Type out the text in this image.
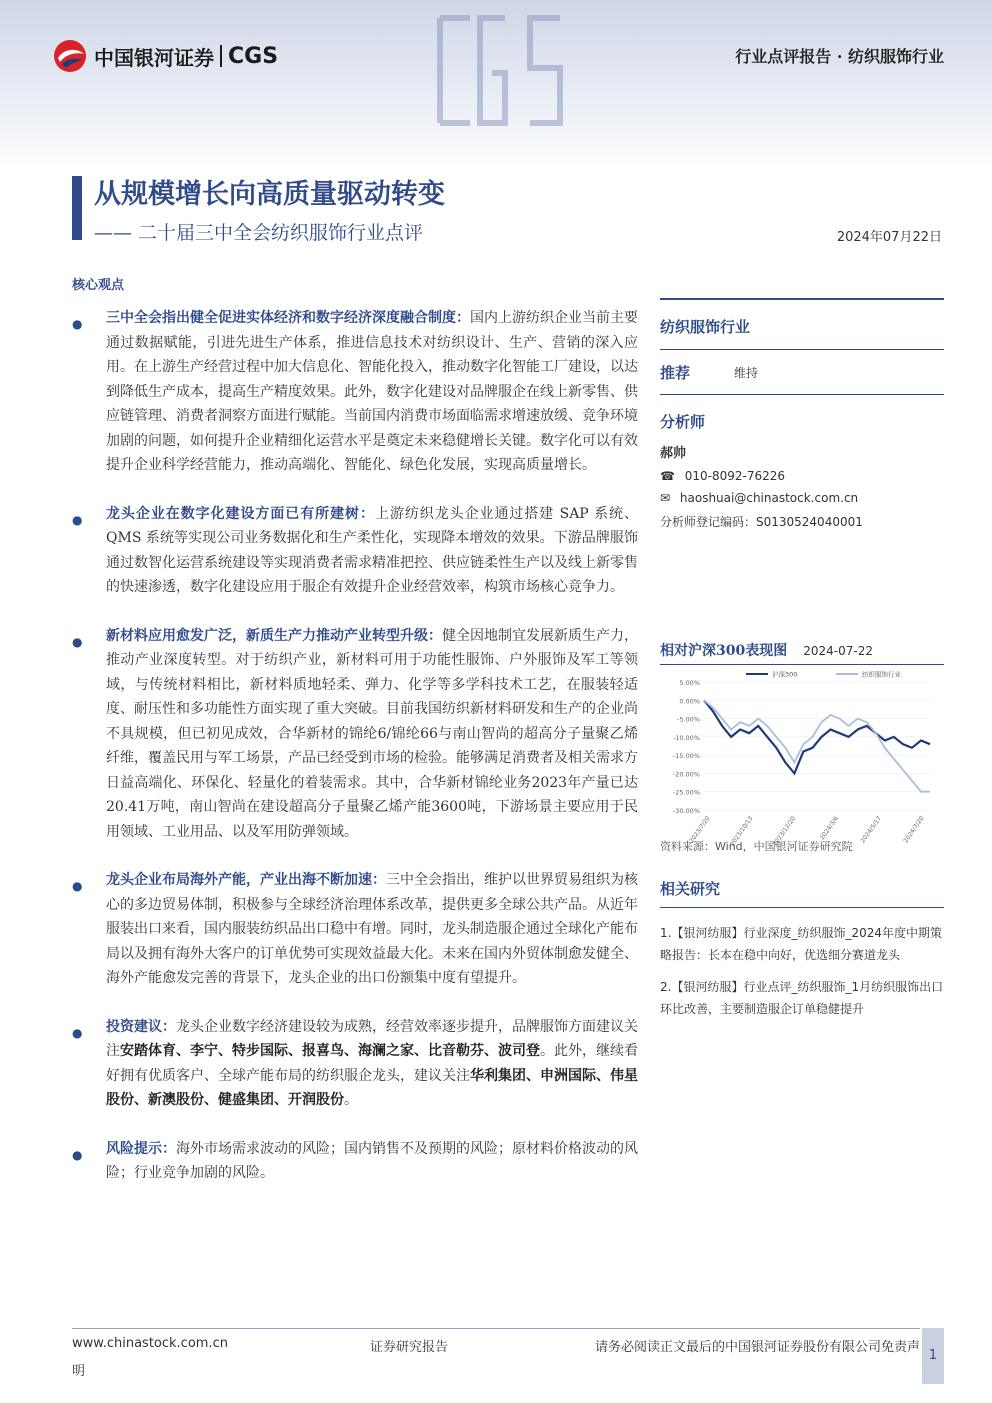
中国银河证券 CGS	行业点评报告 · 纺织服饰行业
从规模增长向高质量驱动转变
—— 二十届三中全会纺织服饰行业点评	2024年07月22日
核心观点
● 三中全会指出健全促进实体经济和数字经济深度融合制度：国内上游纺织企业当前主要通过数据赋能，引进先进生产体系，推进信息技术对纺织设计、生产、营销的深入应用。在上游生产经营过程中加大信息化、智能化投入，推动数字化智能工厂建设，以达到降低生产成本，提高生产精度效果。此外，数字化建设对品牌服企在线上新零售、供应链管理、消费者洞察方面进行赋能。当前国内消费市场面临需求增速放缓、竞争环境加剧的问题，如何提升企业精细化运营水平是奠定未来稳健增长关键。数字化可以有效提升企业科学经营能力，推动高端化、智能化、绿色化发展，实现高质量增长。
● 龙头企业在数字化建设方面已有所建树：上游纺织龙头企业通过搭建 SAP 系统、QMS 系统等实现公司业务数据化和生产柔性化，实现降本增效的效果。下游品牌服饰通过数智化运营系统建设等实现消费者需求精准把控、供应链柔性生产以及线上新零售的快速渗透，数字化建设应用于服企有效提升企业经营效率，构筑市场核心竞争力。
● 新材料应用愈发广泛，新质生产力推动产业转型升级：健全因地制宜发展新质生产力，推动产业深度转型。对于纺织产业，新材料可用于功能性服饰、户外服饰及军工等领域，与传统材料相比，新材料质地轻柔、弹力、化学等多学科技术工艺，在服装轻适度、耐压性和多功能性方面实现了重大突破。目前我国纺织新材料研发和生产的企业尚不具规模，但已初见成效，合华新材的锦纶6/锦纶66与南山智尚的超高分子量聚乙烯纤维，覆盖民用与军工场景，产品已经受到市场的检验。能够满足消费者及相关需求方日益高端化、环保化、轻量化的着装需求。其中，合华新材锦纶业务2023年产量已达20.41万吨，南山智尚在建设超高分子量聚乙烯产能3600吨，下游场景主要应用于民用领域、工业用品、以及军用防弹领域。
● 龙头企业布局海外产能，产业出海不断加速：三中全会指出，维护以世界贸易组织为核心的多边贸易体制，积极参与全球经济治理体系改革，提供更多全球公共产品。从近年服装出口来看，国内服装纺织品出口稳中有增。同时，龙头制造服企通过全球化产能布局以及拥有海外大客户的订单优势可实现效益最大化。未来在国内外贸体制愈发健全、海外产能愈发完善的背景下，龙头企业的出口份额集中度有望提升。
● 投资建议：龙头企业数字经济建设较为成熟，经营效率逐步提升，品牌服饰方面建议关注安踏体育、李宁、特步国际、报喜鸟、海澜之家、比音勒芬、波司登。此外，继续看好拥有优质客户、全球产能布局的纺织服企龙头，建议关注华利集团、申洲国际、伟星股份、新澳股份、健盛集团、开润股份。
● 风险提示：海外市场需求波动的风险；国内销售不及预期的风险；原材料价格波动的风险；行业竞争加剧的风险。
纺织服饰行业
推荐	维持
分析师
郝帅
☎ 010-8092-76226
✉ haoshuai@chinastock.com.cn
分析师登记编码：S0130524040001
相对沪深300表现图 2024-07-22
5.00%
0.00%
-5.00%
-10.00%
-15.00%
-20.00%
-25.00%
-30.00%
2023/7/20	2023/10/13	2023/12/20	2024/3/6	2024/5/17	2024/7/20
沪深300	纺织服饰行业
资料来源：Wind，中国银河证券研究院
相关研究
1.【银河纺服】行业深度_纺织服饰_2024年度中期策略报告：长本在稳中向好，优选细分赛道龙头
2.【银河纺服】行业点评_纺织服饰_1月纺织服饰出口环比改善，主要制造服企订单稳健提升
www.chinastock.com.cn	证券研究报告	请务必阅读正文最后的中国银河证券股份有限公司免责声
明
1
